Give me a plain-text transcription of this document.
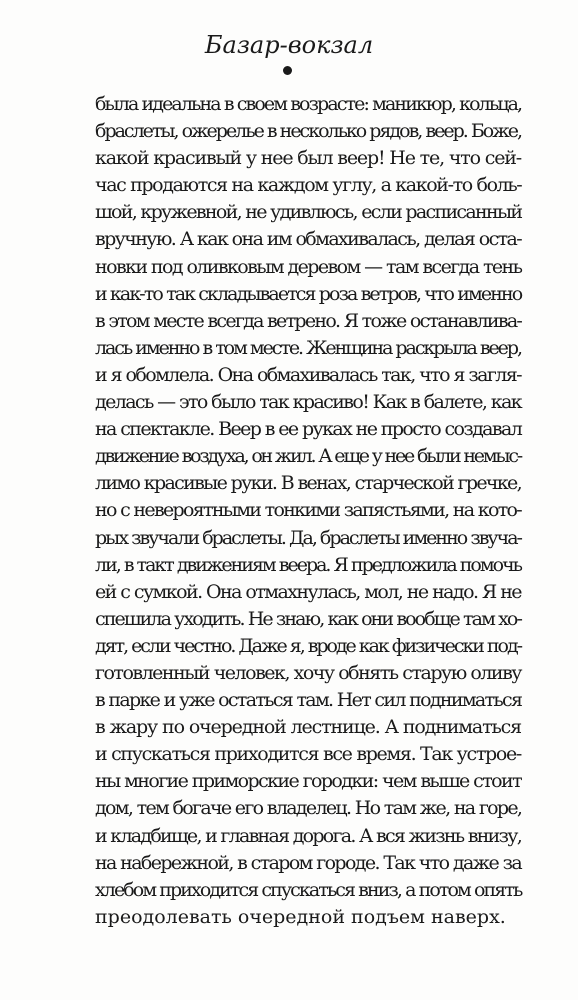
Базар-вокзал
была идеальна в своем возрасте: маникюр, кольца,
браслеты, ожерелье в несколько рядов, веер. Боже,
какой красивый у нее был веер! Не те, что сей-
час продаются на каждом углу, а какой-то боль-
шой, кружевной, не удивлюсь, если расписанный
вручную. А как она им обмахивалась, делая оста-
новки под оливковым деревом — там всегда тень
и как-то так складывается роза ветров, что именно
в этом месте всегда ветрено. Я тоже останавлива-
лась именно в том месте. Женщина раскрыла веер,
и я обомлела. Она обмахивалась так, что я загля-
делась — это было так красиво! Как в балете, как
на спектакле. Веер в ее руках не просто создавал
движение воздуха, он жил. А еще у нее были немыс-
лимо красивые руки. В венах, старческой гречке,
но с невероятными тонкими запястьями, на кото-
рых звучали браслеты. Да, браслеты именно звуча-
ли, в такт движениям веера. Я предложила помочь
ей с сумкой. Она отмахнулась, мол, не надо. Я не
спешила уходить. Не знаю, как они вообще там хо-
дят, если честно. Даже я, вроде как физически под-
готовленный человек, хочу обнять старую оливу
в парке и уже остаться там. Нет сил подниматься
в жару по очередной лестнице. А подниматься
и спускаться приходится все время. Так устрое-
ны многие приморские городки: чем выше стоит
дом, тем богаче его владелец. Но там же, на горе,
и кладбище, и главная дорога. А вся жизнь внизу,
на набережной, в старом городе. Так что даже за
хлебом приходится спускаться вниз, а потом опять
преодолевать очередной подъем наверх.
